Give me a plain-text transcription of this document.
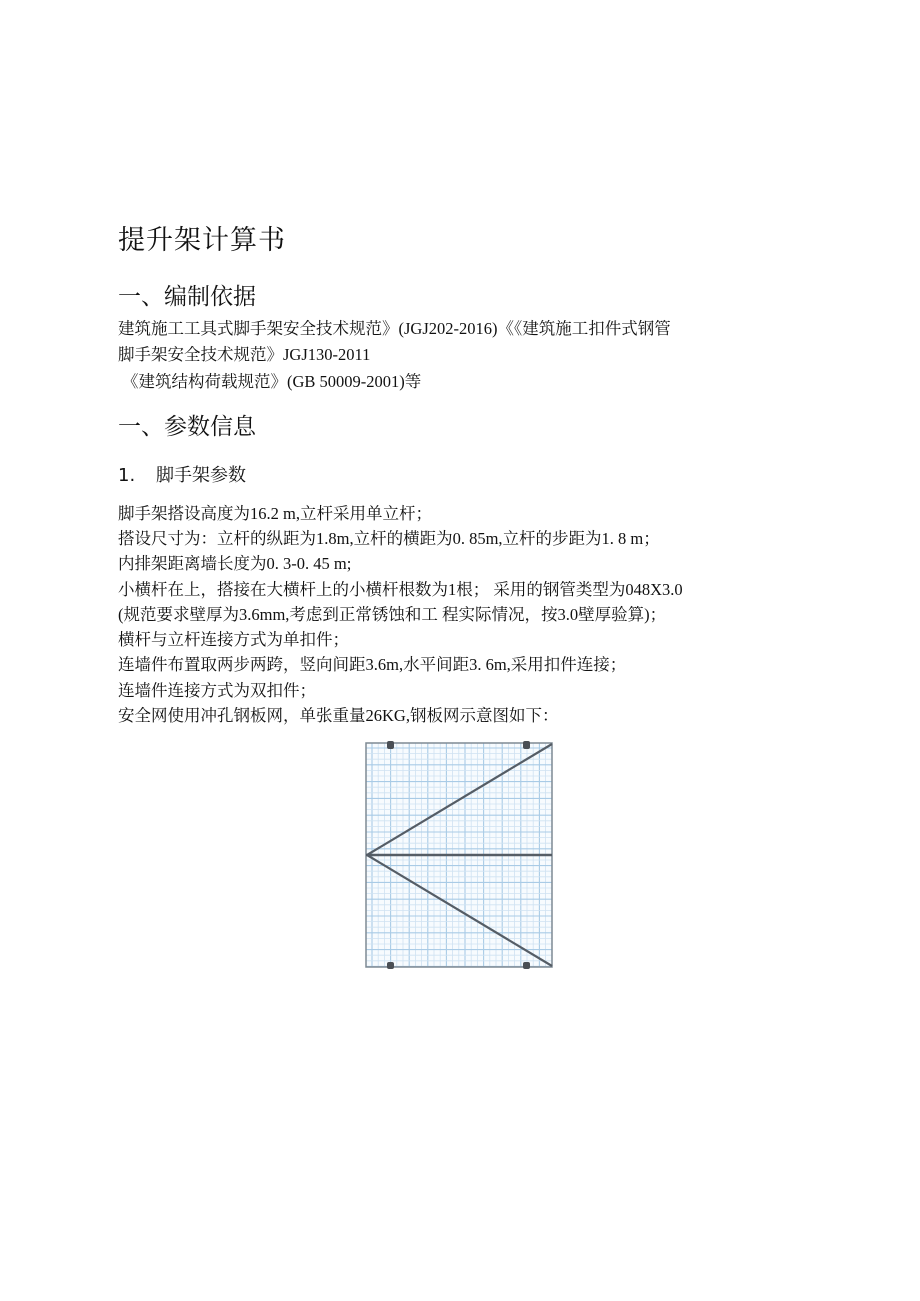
提升架计算书
一、编制依据
建筑施工工具式脚手架安全技术规范》(JGJ202-2016)《《建筑施工扣件式钢管
脚手架安全技术规范》JGJ130-2011
《建筑结构荷载规范》(GB 50009-2001)等
一、参数信息
1. 脚手架参数
脚手架搭设高度为16.2 m,立杆采用单立杆；
搭设尺寸为：立杆的纵距为1.8m,立杆的横距为0. 85m,立杆的步距为1. 8 m；
内排架距离墙长度为0. 3-0. 45 m;
小横杆在上，搭接在大横杆上的小横杆根数为1根； 采用的钢管类型为048X3.0
(规范要求壁厚为3.6mm,考虑到正常锈蚀和工 程实际情况，按3.0壁厚验算)；
横杆与立杆连接方式为单扣件；
连墙件布置取两步两跨，竖向间距3.6m,水平间距3. 6m,采用扣件连接；
连墙件连接方式为双扣件；
安全网使用冲孔钢板网，单张重量26KG,钢板网示意图如下：
